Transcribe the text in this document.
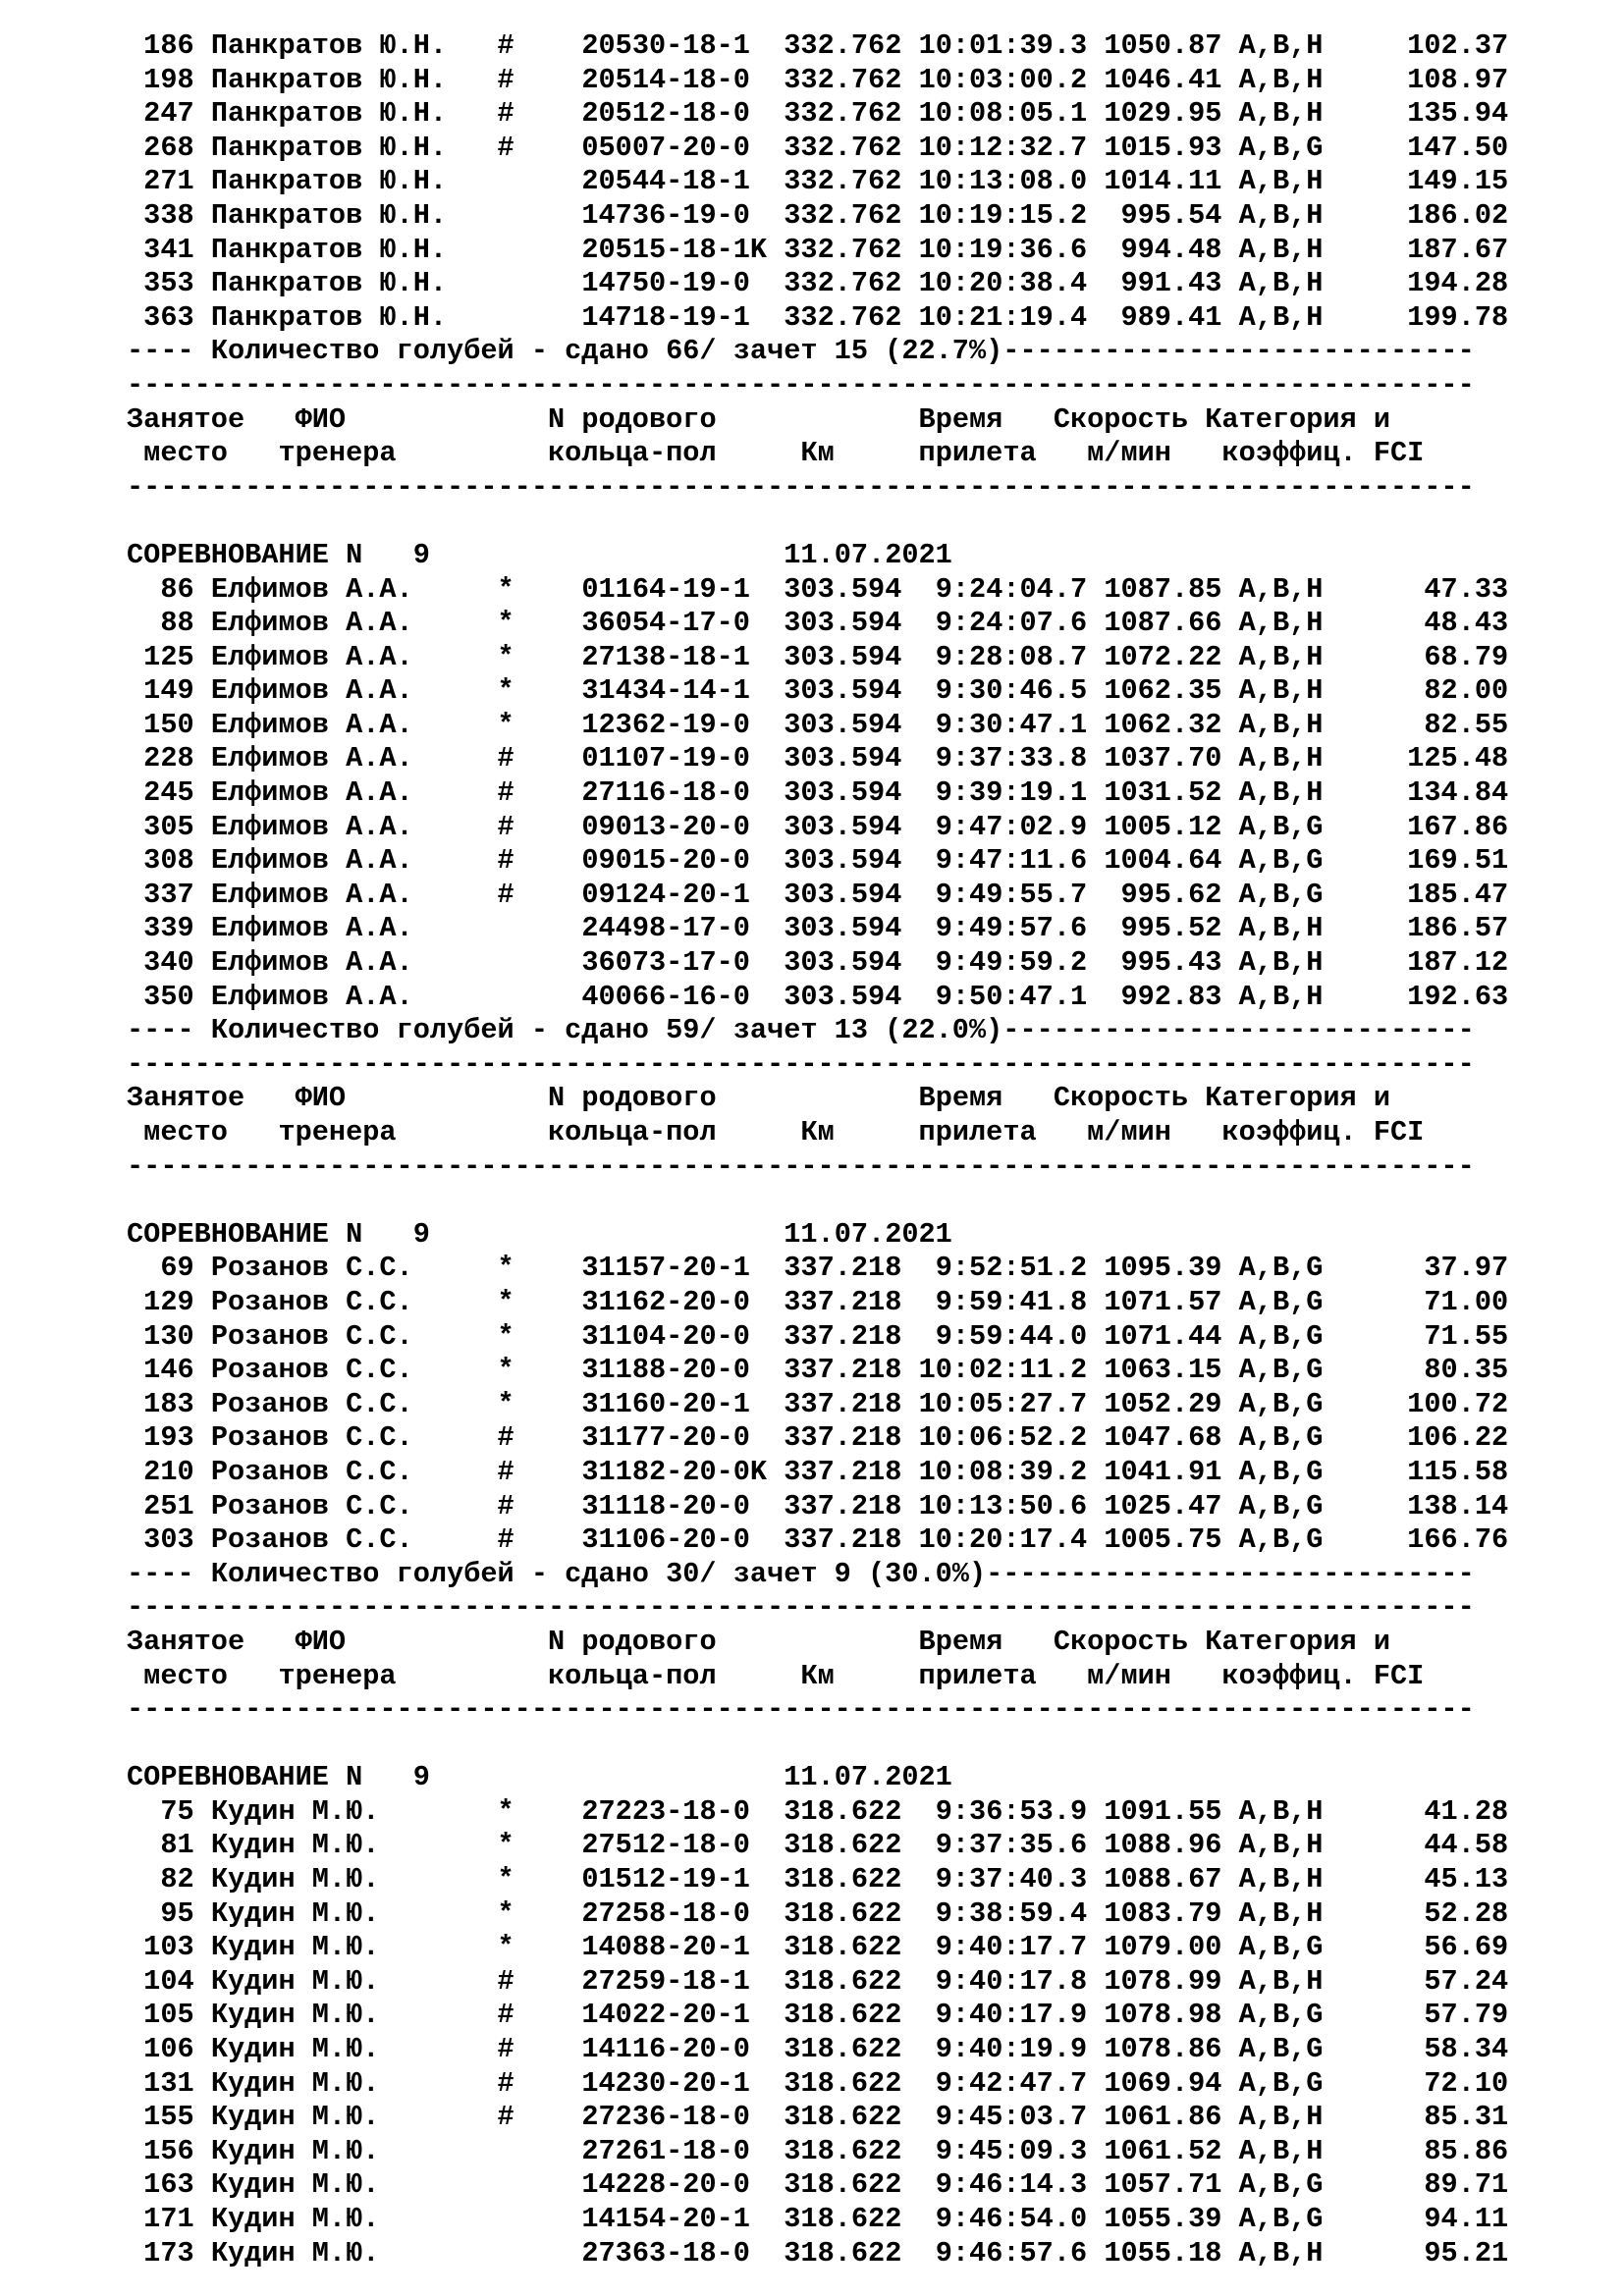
186 Панкратов Ю.Н.   # 20530-18-1  332.762 10:01:39.3 1050.87 A,B,H     102.37
198 Панкратов Ю.Н.   # 20514-18-0  332.762 10:03:00.2 1046.41 A,B,H     108.97
247 Панкратов Ю.Н.   # 20512-18-0  332.762 10:08:05.1 1029.95 A,B,H     135.94
268 Панкратов Ю.Н.   # 05007-20-0  332.762 10:12:32.7 1015.93 A,B,G     147.50
271 Панкратов Ю.Н.	20544-18-1  332.762 10:13:08.0 1014.11 A,B,H     149.15
338 Панкратов Ю.Н.	14736-19-0  332.762 10:19:15.2  995.54 A,B,H     186.02
341 Панкратов Ю.Н.	20515-18-1K 332.762 10:19:36.6  994.48 A,B,H     187.67
353 Панкратов Ю.Н.	14750-19-0  332.762 10:20:38.4  991.43 A,B,H     194.28
363 Панкратов Ю.Н.	14718-19-1  332.762 10:21:19.4  989.41 A,B,H     199.78
---- Количество голубей - сдано 66/ зачет 15 (22.7%)----------------------------
--------------------------------------------------------------------------------
Занятое ФИО	N родового	Время Скорость Категория и
место тренера	кольца-пол	Км	прилета м/мин коэффиц. FCI
--------------------------------------------------------------------------------

СОРЕВНОВАНИЕ N 9	11.07.2021
86 Елфимов А.А.     * 01164-19-1  303.594  9:24:04.7 1087.85 A,B,H      47.33
88 Елфимов А.А.     * 36054-17-0  303.594  9:24:07.6 1087.66 A,B,H      48.43
125 Елфимов А.А.     * 27138-18-1  303.594  9:28:08.7 1072.22 A,B,H      68.79
149 Елфимов А.А.     * 31434-14-1  303.594  9:30:46.5 1062.35 A,B,H      82.00
150 Елфимов А.А.     * 12362-19-0  303.594  9:30:47.1 1062.32 A,B,H      82.55
228 Елфимов А.А.     # 01107-19-0  303.594  9:37:33.8 1037.70 A,B,H     125.48
245 Елфимов А.А.     # 27116-18-0  303.594  9:39:19.1 1031.52 A,B,H     134.84
305 Елфимов А.А.     # 09013-20-0  303.594  9:47:02.9 1005.12 A,B,G     167.86
308 Елфимов А.А.     # 09015-20-0  303.594  9:47:11.6 1004.64 A,B,G     169.51
337 Елфимов А.А.     # 09124-20-1  303.594  9:49:55.7  995.62 A,B,G     185.47
339 Елфимов А.А.	24498-17-0  303.594  9:49:57.6  995.52 A,B,H     186.57
340 Елфимов А.А.	36073-17-0  303.594  9:49:59.2  995.43 A,B,H     187.12
350 Елфимов А.А.	40066-16-0  303.594  9:50:47.1  992.83 A,B,H     192.63
---- Количество голубей - сдано 59/ зачет 13 (22.0%)----------------------------
--------------------------------------------------------------------------------
Занятое ФИО	N родового	Время Скорость Категория и
место тренера	кольца-пол	Км	прилета м/мин коэффиц. FCI
--------------------------------------------------------------------------------

СОРЕВНОВАНИЕ N 9	11.07.2021
69 Розанов С.С.     * 31157-20-1  337.218  9:52:51.2 1095.39 A,B,G      37.97
129 Розанов С.С.     * 31162-20-0  337.218  9:59:41.8 1071.57 A,B,G      71.00
130 Розанов С.С.     * 31104-20-0  337.218  9:59:44.0 1071.44 A,B,G      71.55
146 Розанов С.С.     * 31188-20-0  337.218 10:02:11.2 1063.15 A,B,G      80.35
183 Розанов С.С.     * 31160-20-1  337.218 10:05:27.7 1052.29 A,B,G     100.72
193 Розанов С.С.     # 31177-20-0  337.218 10:06:52.2 1047.68 A,B,G     106.22
210 Розанов С.С.     # 31182-20-0K 337.218 10:08:39.2 1041.91 A,B,G     115.58
251 Розанов С.С.     # 31118-20-0  337.218 10:13:50.6 1025.47 A,B,G     138.14
303 Розанов С.С.     # 31106-20-0  337.218 10:20:17.4 1005.75 A,B,G     166.76
---- Количество голубей - сдано 30/ зачет 9 (30.0%)-----------------------------
--------------------------------------------------------------------------------
Занятое ФИО	N родового	Время Скорость Категория и
место тренера	кольца-пол	Км	прилета м/мин коэффиц. FCI
--------------------------------------------------------------------------------

СОРЕВНОВАНИЕ N 9	11.07.2021
75 Кудин М.Ю.       * 27223-18-0  318.622  9:36:53.9 1091.55 A,B,H      41.28
81 Кудин М.Ю.       * 27512-18-0  318.622  9:37:35.6 1088.96 A,B,H      44.58
82 Кудин М.Ю.       * 01512-19-1  318.622  9:37:40.3 1088.67 A,B,H      45.13
95 Кудин М.Ю.       * 27258-18-0  318.622  9:38:59.4 1083.79 A,B,H      52.28
103 Кудин М.Ю.       * 14088-20-1  318.622  9:40:17.7 1079.00 A,B,G      56.69
104 Кудин М.Ю.       # 27259-18-1  318.622  9:40:17.8 1078.99 A,B,H      57.24
105 Кудин М.Ю.       # 14022-20-1  318.622  9:40:17.9 1078.98 A,B,G      57.79
106 Кудин М.Ю.       # 14116-20-0  318.622  9:40:19.9 1078.86 A,B,G      58.34
131 Кудин М.Ю.       # 14230-20-1  318.622  9:42:47.7 1069.94 A,B,G      72.10
155 Кудин М.Ю.       # 27236-18-0  318.622  9:45:03.7 1061.86 A,B,H      85.31
156 Кудин М.Ю.	27261-18-0  318.622  9:45:09.3 1061.52 A,B,H      85.86
163 Кудин М.Ю.	14228-20-0  318.622  9:46:14.3 1057.71 A,B,G      89.71
171 Кудин М.Ю.	14154-20-1  318.622  9:46:54.0 1055.39 A,B,G      94.11
173 Кудин М.Ю.	27363-18-0  318.622  9:46:57.6 1055.18 A,B,H      95.21
